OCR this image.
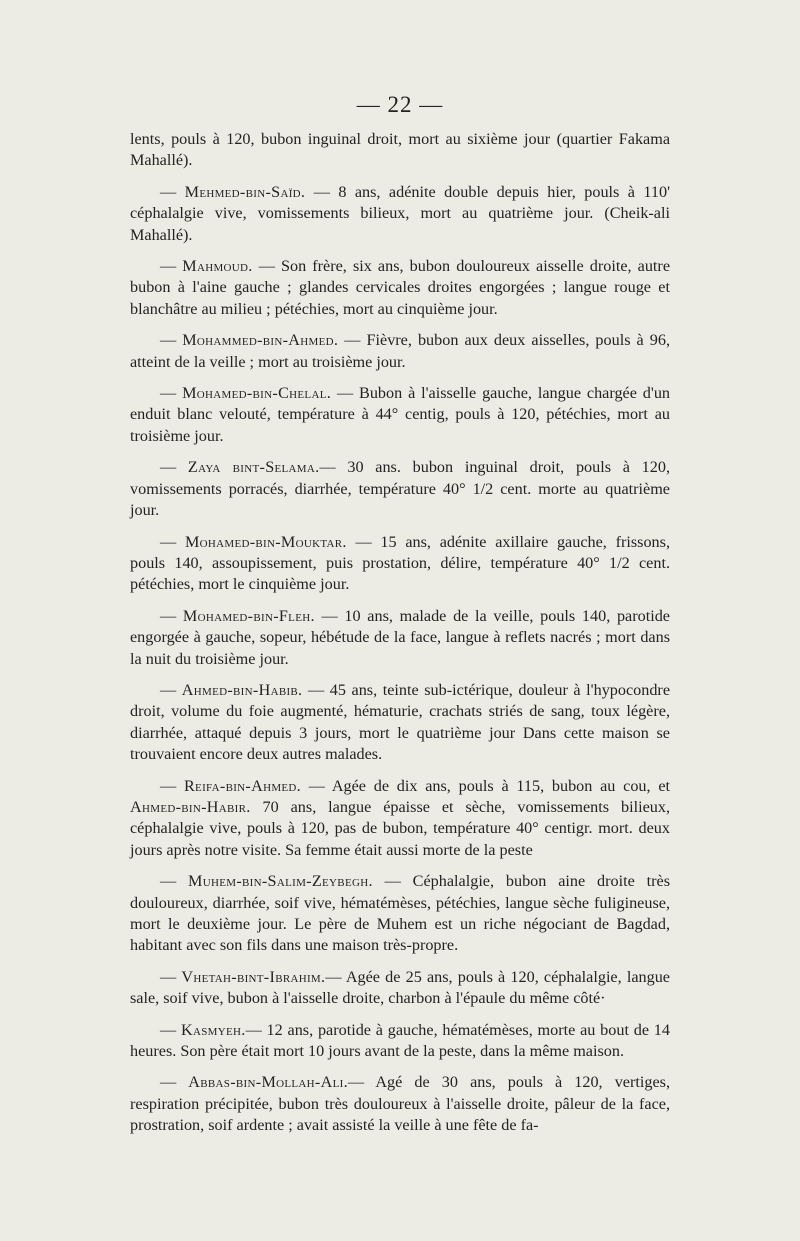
— 22 —

lents, pouls à 120, bubon inguinal droit, mort au sixième jour (quartier Fakama Mahallé).

— Mehmed-bin-Saïd. — 8 ans, adénite double depuis hier, pouls à 110' céphalalgie vive, vomissements bilieux, mort au quatrième jour. (Cheik-ali Mahallé).

— Mahmoud. — Son frère, six ans, bubon douloureux aisselle droite, autre bubon à l'aine gauche ; glandes cervicales droites engorgées ; langue rouge et blanchâtre au milieu ; pétéchies, mort au cinquième jour.

— Mohammed-bin-Ahmed. — Fièvre, bubon aux deux aisselles, pouls à 96, atteint de la veille ; mort au troisième jour.

— Mohamed-bin-Chelal. — Bubon à l'aisselle gauche, langue chargée d'un enduit blanc velouté, température à 44° centig, pouls à 120, pétéchies, mort au troisième jour.

— Zaya bint-Selama.— 30 ans. bubon inguinal droit, pouls à 120, vomissements porracés, diarrhée, température 40° 1/2 cent. morte au quatrième jour.

— Mohamed-bin-Mouktar. — 15 ans, adénite axillaire gauche, frissons, pouls 140, assoupissement, puis prostation, délire, température 40° 1/2 cent. pétéchies, mort le cinquième jour.

— Mohamed-bin-Fleh. — 10 ans, malade de la veille, pouls 140, parotide engorgée à gauche, sopeur, hébétude de la face, langue à reflets nacrés ; mort dans la nuit du troisième jour.

— Ahmed-bin-Habib. — 45 ans, teinte sub-ictérique, douleur à l'hypocondre droit, volume du foie augmenté, hématurie, crachats striés de sang, toux légère, diarrhée, attaqué depuis 3 jours, mort le quatrième jour Dans cette maison se trouvaient encore deux autres malades.

— Reifa-bin-Ahmed. — Agée de dix ans, pouls à 115, bubon au cou, et Ahmed-bin-Habir. 70 ans, langue épaisse et sèche, vomissements bilieux, céphalalgie vive, pouls à 120, pas de bubon, température 40° centigr. mort. deux jours après notre visite. Sa femme était aussi morte de la peste

— Muhem-bin-Salim-Zeybegh. — Céphalalgie, bubon aine droite très douloureux, diarrhée, soif vive, hématémèses, pétéchies, langue sèche fuligineuse, mort le deuxième jour. Le père de Muhem est un riche négociant de Bagdad, habitant avec son fils dans une maison très-propre.

— Vhetah-bint-Ibrahim.— Agée de 25 ans, pouls à 120, céphalalgie, langue sale, soif vive, bubon à l'aisselle droite, charbon à l'épaule du même côté·

— Kasmyeh.— 12 ans, parotide à gauche, hématémèses, morte au bout de 14 heures. Son père était mort 10 jours avant de la peste, dans la même maison.

— Abbas-bin-Mollah-Ali.— Agé de 30 ans, pouls à 120, vertiges, respiration précipitée, bubon très douloureux à l'aisselle droite, pâleur de la face, prostration, soif ardente ; avait assisté la veille à une fête de fa-
